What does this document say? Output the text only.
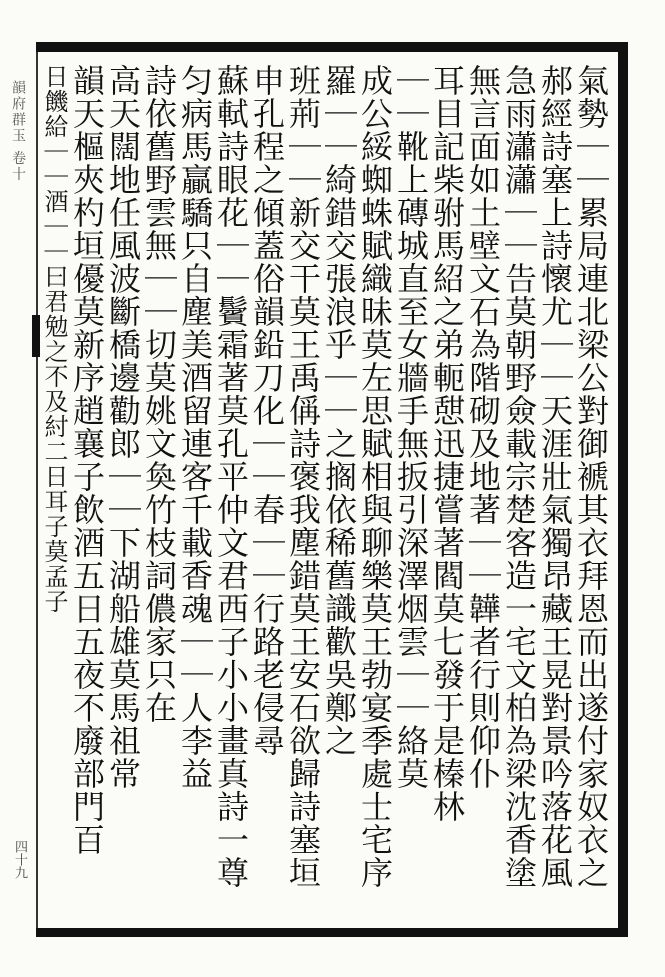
韻府群玉 卷十
四十九	氣勢｜｜累局連北梁公對御褫其衣拜恩而出遂付家奴衣之
郝經詩塞上詩懷尤｜｜天涯壯氣獨昂藏王晃對景吟落花風
急雨瀟瀟｜｜告莫朝野僉載宗楚客造一宅文柏為梁沈香塗
無言面如土壁文石為階砌及地著｜｜韡者行則仰仆
耳目記柴驸馬紹之弟軛憇迅捷嘗著閻莫七發于是榛林
｜｜靴上磚城直至女牆手無扳引深澤烟雲｜｜絡莫
成公綏蜘蛛賦織昧莫左思賦相與聊樂莫王勃宴季處士宅序
羅｜｜綺錯交張浪乎｜｜之搁依稀舊識歡吳鄭之
班荊｜｜新交干莫王禹偁詩褒我塵錯莫王安石欲歸詩塞垣
申孔程之傾蓋俗韻鉛刀化｜｜春｜｜行路老侵尋
蘇軾詩眼花｜｜鬢霜著莫孔平仲文君西子小小畫真詩一尊
匀病馬贏驕只自塵美酒留連客千載香魂｜｜人李益
詩依舊野雲無｜｜切莫姚文奐竹枝詞儂家只在
高天闊地任風波斷橋邊勸郎｜｜下湖船雄莫馬祖常
韻天樞夾杓垣優莫新序趙襄子飲酒五日五夜不廢部門百
日饑給｜｜酒｜｜曰君勉之不及紂二日耳子莫孟子
